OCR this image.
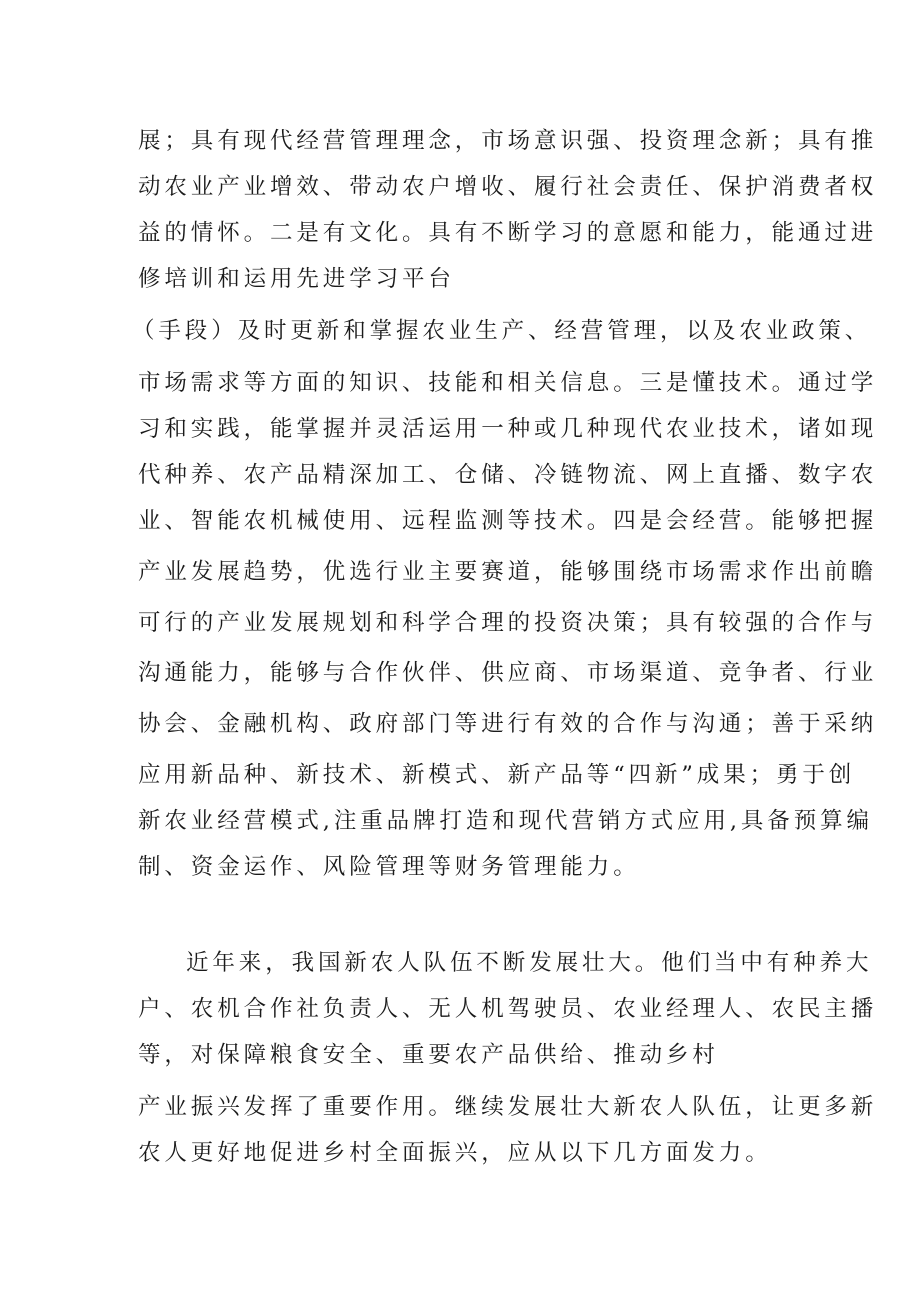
展；具有现代经营管理理念，市场意识强、投资理念新；具有推

动农业产业增效、带动农户增收、履行社会责任、保护消费者权

益的情怀。二是有文化。具有不断学习的意愿和能力，能通过进

修培训和运用先进学习平台

（手段）及时更新和掌握农业生产、经营管理，以及农业政策、

市场需求等方面的知识、技能和相关信息。三是懂技术。通过学

习和实践，能掌握并灵活运用一种或几种现代农业技术，诸如现

代种养、农产品精深加工、仓储、冷链物流、网上直播、数字农

业、智能农机械使用、远程监测等技术。四是会经营。能够把握

产业发展趋势，优选行业主要赛道，能够围绕市场需求作出前瞻

可行的产业发展规划和科学合理的投资决策；具有较强的合作与

沟通能力，能够与合作伙伴、供应商、市场渠道、竞争者、行业

协会、金融机构、政府部门等进行有效的合作与沟通；善于采纳

应用新品种、新技术、新模式、新产品等“四新”成果；勇于创

新农业经营模式,注重品牌打造和现代营销方式应用,具备预算编

制、资金运作、风险管理等财务管理能力。

近年来，我国新农人队伍不断发展壮大。他们当中有种养大

户、农机合作社负责人、无人机驾驶员、农业经理人、农民主播

等，对保障粮食安全、重要农产品供给、推动乡村

产业振兴发挥了重要作用。继续发展壮大新农人队伍，让更多新

农人更好地促进乡村全面振兴，应从以下几方面发力。
